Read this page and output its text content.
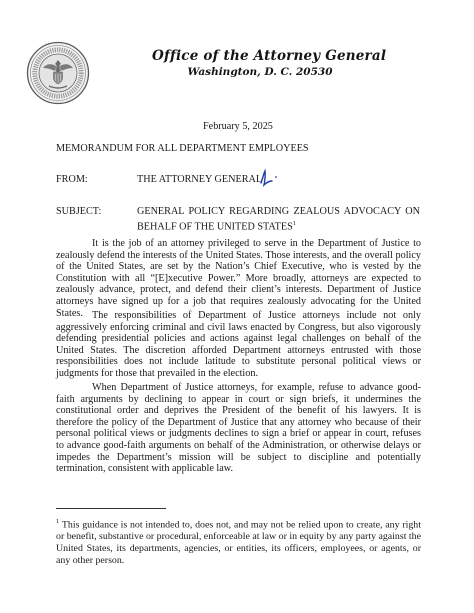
Office of the Attorney General
Washington, D. C. 20530
February 5, 2025
MEMORANDUM FOR ALL DEPARTMENT EMPLOYEES
FROM:	THE ATTORNEY GENERAL
SUBJECT:	GENERAL POLICY REGARDING ZEALOUS ADVOCACY ON BEHALF OF THE UNITED STATES$^1$

It is the job of an attorney privileged to serve in the Department of Justice to zealously defend the interests of the United States. Those interests, and the overall policy of the United States, are set by the Nation’s Chief Executive, who is vested by the Constitution with all “[E]xecutive Power.” More broadly, attorneys are expected to zealously advance, protect, and defend their client’s interests. Department of Justice attorneys have signed up for a job that requires zealously advocating for the United States. The responsibilities of Department of Justice attorneys include not only aggressively enforcing criminal and civil laws enacted by Congress, but also vigorously defending presidential policies and actions against legal challenges on behalf of the United States. The discretion afforded Department attorneys entrusted with those responsibilities does not include latitude to substitute personal political views or judgments for those that prevailed in the election.

When Department of Justice attorneys, for example, refuse to advance good-faith arguments by declining to appear in court or sign briefs, it undermines the constitutional order and deprives the President of the benefit of his lawyers. It is therefore the policy of the Department of Justice that any attorney who because of their personal political views or judgments declines to sign a brief or appear in court, refuses to advance good-faith arguments on behalf of the Administration, or otherwise delays or impedes the Department’s mission will be subject to discipline and potentially termination, consistent with applicable law.

$^1$ This guidance is not intended to, does not, and may not be relied upon to create, any right or benefit, substantive or procedural, enforceable at law or in equity by any party against the United States, its departments, agencies, or entities, its officers, employees, or agents, or any other person.
